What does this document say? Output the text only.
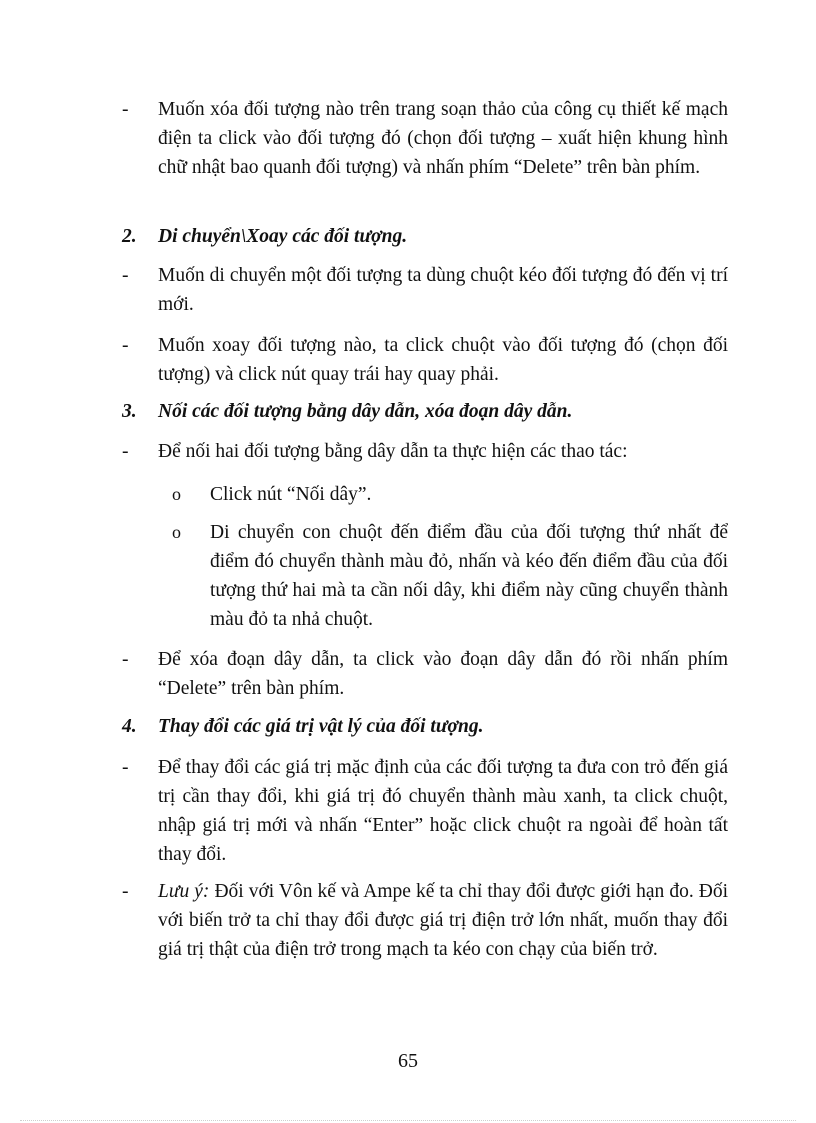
-	Muốn xóa đối tượng nào trên trang soạn thảo của công cụ thiết kế mạch điện ta click vào đối tượng đó (chọn đối tượng – xuất hiện khung hình chữ nhật bao quanh đối tượng) và nhấn phím “Delete” trên bàn phím.
2. Di chuyển\Xoay các đối tượng.
-	Muốn di chuyển một đối tượng ta dùng chuột kéo đối tượng đó đến vị trí mới.
-	Muốn xoay đối tượng nào, ta click chuột vào đối tượng đó (chọn đối tượng) và click nút quay trái hay quay phải.
3. Nối các đối tượng bằng dây dẫn, xóa đoạn dây dẫn.
-	Để nối hai đối tượng bằng dây dẫn ta thực hiện các thao tác:
o Click nút “Nối dây”.
o Di chuyển con chuột đến điểm đầu của đối tượng thứ nhất để điểm đó chuyển thành màu đỏ, nhấn và kéo đến điểm đầu của đối tượng thứ hai mà ta cần nối dây, khi điểm này cũng chuyển thành màu đỏ ta nhả chuột.
-	Để xóa đoạn dây dẫn, ta click vào đoạn dây dẫn đó rồi nhấn phím “Delete” trên bàn phím.
4. Thay đổi các giá trị vật lý của đối tượng.
-	Để thay đổi các giá trị mặc định của các đối tượng ta đưa con trỏ đến giá trị cần thay đổi, khi giá trị đó chuyển thành màu xanh, ta click chuột, nhập giá trị mới và nhấn “Enter” hoặc click chuột ra ngoài để hoàn tất thay đổi.
-	Lưu ý: Đối với Vôn kế và Ampe kế ta chỉ thay đổi được giới hạn đo. Đối với biến trở ta chỉ thay đổi được giá trị điện trở lớn nhất, muốn thay đổi giá trị thật của điện trở trong mạch ta kéo con chạy của biến trở.
65
